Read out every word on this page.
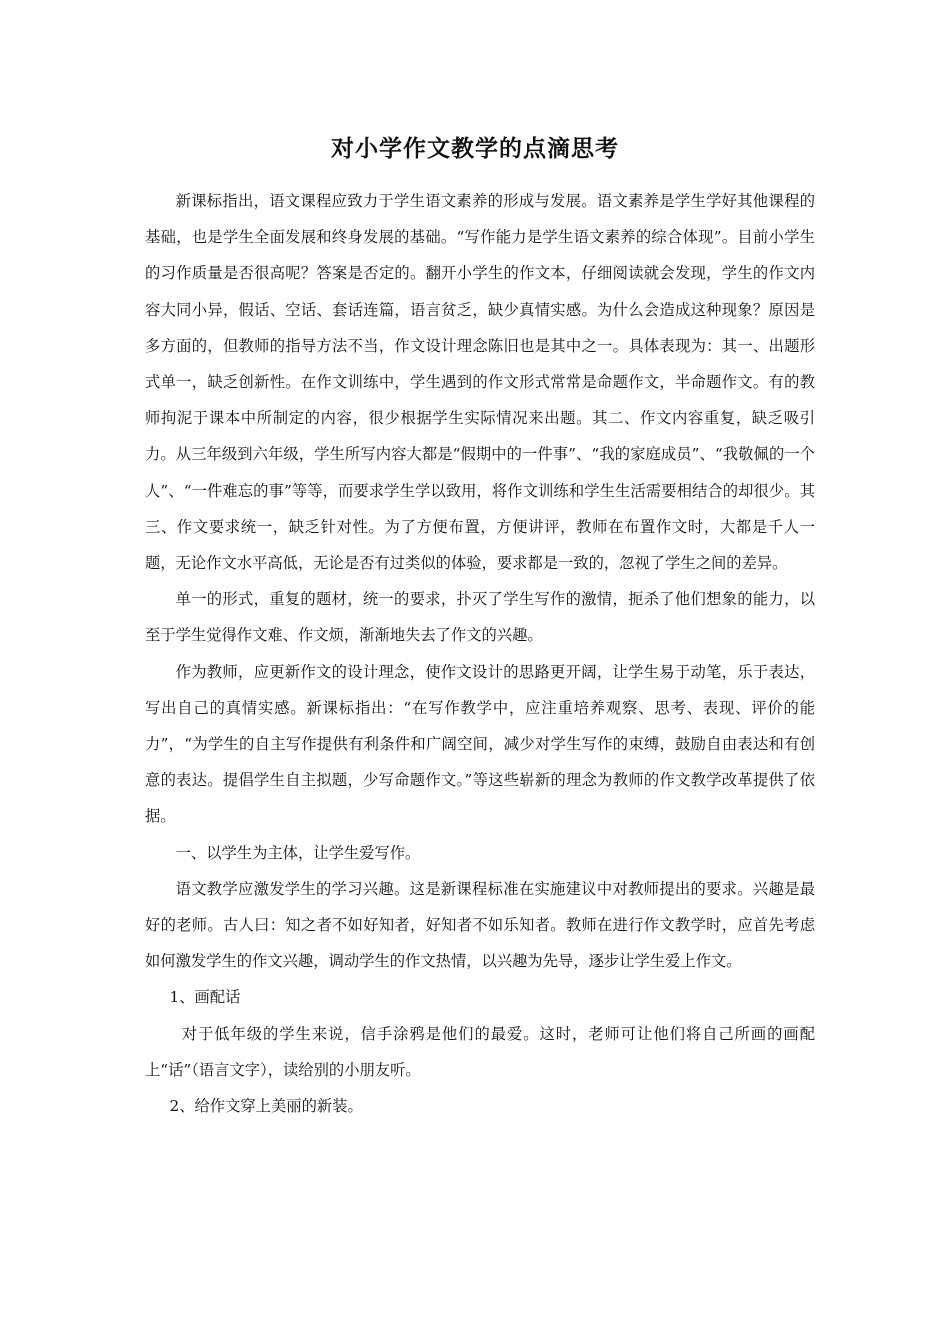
对小学作文教学的点滴思考

新课标指出，语文课程应致力于学生语文素养的形成与发展。语文素养是学生学好其他课程的基础，也是学生全面发展和终身发展的基础。“写作能力是学生语文素养的综合体现”。目前小学生的习作质量是否很高呢？答案是否定的。翻开小学生的作文本，仔细阅读就会发现，学生的作文内容大同小异，假话、空话、套话连篇，语言贫乏，缺少真情实感。为什么会造成这种现象？原因是多方面的，但教师的指导方法不当，作文设计理念陈旧也是其中之一。具体表现为：其一、出题形式单一，缺乏创新性。在作文训练中，学生遇到的作文形式常常是命题作文，半命题作文。有的教师拘泥于课本中所制定的内容，很少根据学生实际情况来出题。其二、作文内容重复，缺乏吸引力。从三年级到六年级，学生所写内容大都是“假期中的一件事”、“我的家庭成员”、“我敬佩的一个人”、“一件难忘的事”等等，而要求学生学以致用，将作文训练和学生生活需要相结合的却很少。其三、作文要求统一，缺乏针对性。为了方便布置，方便讲评，教师在布置作文时，大都是千人一题，无论作文水平高低，无论是否有过类似的体验，要求都是一致的，忽视了学生之间的差异。

单一的形式，重复的题材，统一的要求，扑灭了学生写作的激情，扼杀了他们想象的能力，以至于学生觉得作文难、作文烦，渐渐地失去了作文的兴趣。

作为教师，应更新作文的设计理念，使作文设计的思路更开阔，让学生易于动笔，乐于表达，写出自己的真情实感。新课标指出：“在写作教学中，应注重培养观察、思考、表现、评价的能力”，“为学生的自主写作提供有利条件和广阔空间，减少对学生写作的束缚，鼓励自由表达和有创意的表达。提倡学生自主拟题，少写命题作文。”等这些崭新的理念为教师的作文教学改革提供了依据。

一、以学生为主体，让学生爱写作。

语文教学应激发学生的学习兴趣。这是新课程标准在实施建议中对教师提出的要求。兴趣是最好的老师。古人曰：知之者不如好知者，好知者不如乐知者。教师在进行作文教学时，应首先考虑如何激发学生的作文兴趣，调动学生的作文热情，以兴趣为先导，逐步让学生爱上作文。

1、画配话

对于低年级的学生来说，信手涂鸦是他们的最爱。这时，老师可让他们将自己所画的画配上“话”（语言文字），读给别的小朋友听。

2、给作文穿上美丽的新装。
